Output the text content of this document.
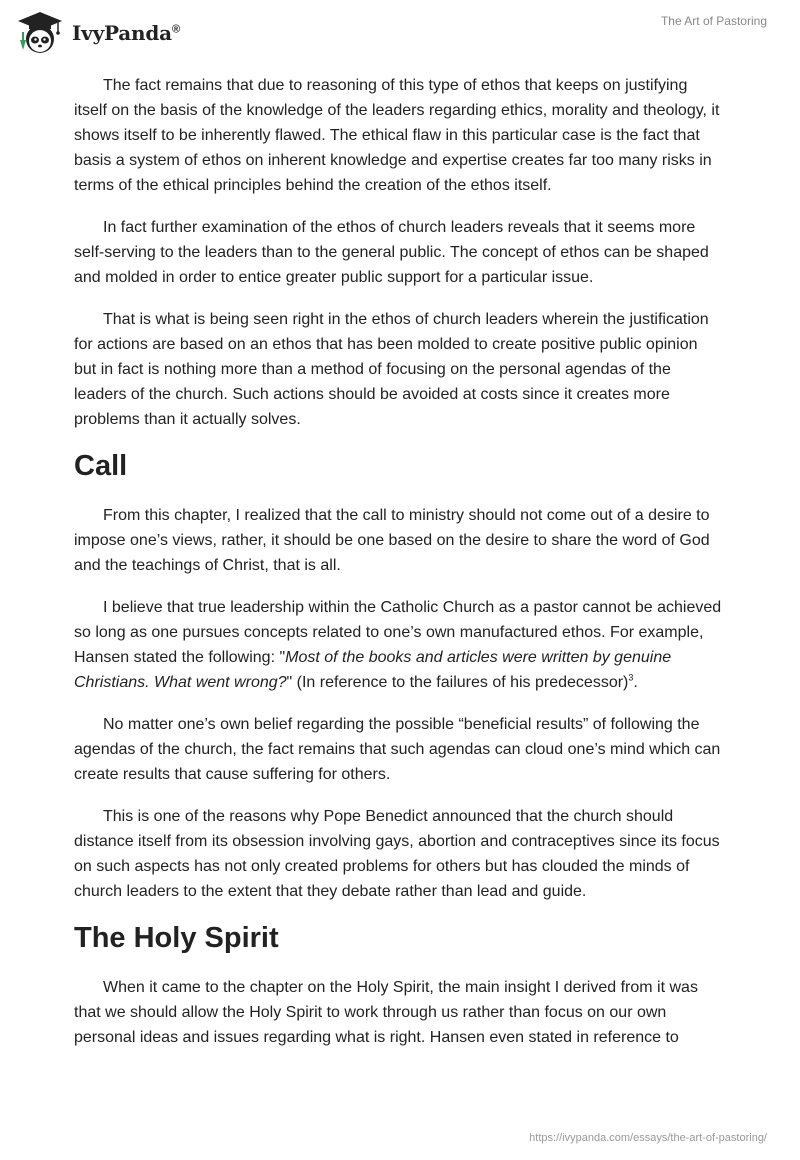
IvyPanda®
The Art of Pastoring

The fact remains that due to reasoning of this type of ethos that keeps on justifying itself on the basis of the knowledge of the leaders regarding ethics, morality and theology, it shows itself to be inherently flawed. The ethical flaw in this particular case is the fact that basis a system of ethos on inherent knowledge and expertise creates far too many risks in terms of the ethical principles behind the creation of the ethos itself.

In fact further examination of the ethos of church leaders reveals that it seems more self-serving to the leaders than to the general public. The concept of ethos can be shaped and molded in order to entice greater public support for a particular issue.

That is what is being seen right in the ethos of church leaders wherein the justification for actions are based on an ethos that has been molded to create positive public opinion but in fact is nothing more than a method of focusing on the personal agendas of the leaders of the church. Such actions should be avoided at costs since it creates more problems than it actually solves.

Call

From this chapter, I realized that the call to ministry should not come out of a desire to impose one’s views, rather, it should be one based on the desire to share the word of God and the teachings of Christ, that is all.

I believe that true leadership within the Catholic Church as a pastor cannot be achieved so long as one pursues concepts related to one’s own manufactured ethos. For example, Hansen stated the following: "Most of the books and articles were written by genuine Christians. What went wrong?" (In reference to the failures of his predecessor)$^3$.

No matter one’s own belief regarding the possible “beneficial results” of following the agendas of the church, the fact remains that such agendas can cloud one’s mind which can create results that cause suffering for others.

This is one of the reasons why Pope Benedict announced that the church should distance itself from its obsession involving gays, abortion and contraceptives since its focus on such aspects has not only created problems for others but has clouded the minds of church leaders to the extent that they debate rather than lead and guide.

The Holy Spirit

When it came to the chapter on the Holy Spirit, the main insight I derived from it was that we should allow the Holy Spirit to work through us rather than focus on our own personal ideas and issues regarding what is right. Hansen even stated in reference to

https://ivypanda.com/essays/the-art-of-pastoring/
